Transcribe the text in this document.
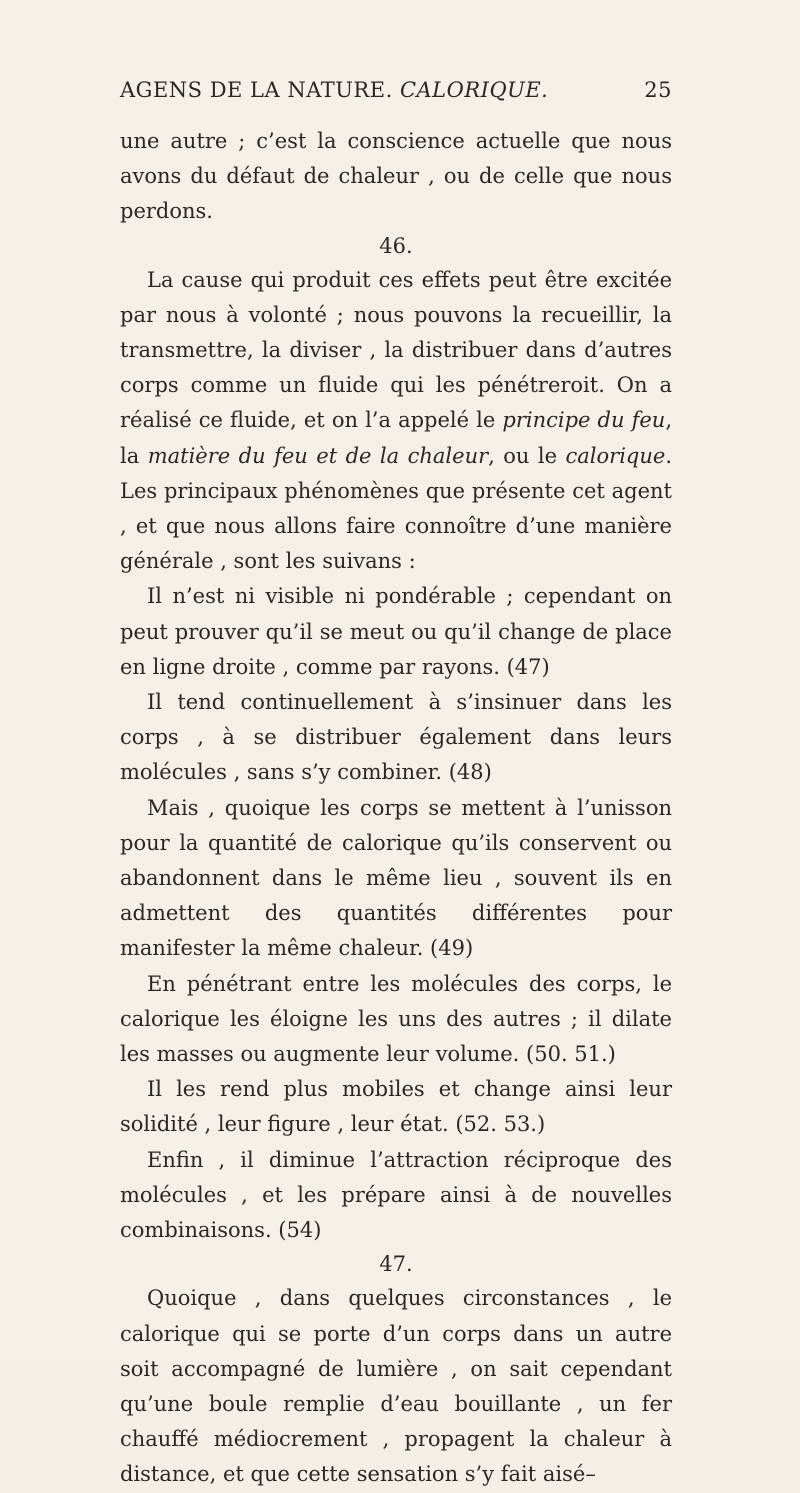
AGENS DE LA NATURE. CALORIQUE.	25

une autre ; c’est la conscience actuelle que nous avons du défaut de chaleur , ou de celle que nous perdons.

46.

La cause qui produit ces effets peut être excitée par nous à volonté ; nous pouvons la recueillir, la transmettre, la diviser , la distribuer dans d’autres corps comme un fluide qui les pénétreroit. On a réalisé ce fluide, et on l’a appelé le principe du feu, la matière du feu et de la chaleur, ou le calorique. Les principaux phénomènes que présente cet agent , et que nous allons faire connoître d’une manière générale , sont les suivans :

Il n’est ni visible ni pondérable ; cependant on peut prouver qu’il se meut ou qu’il change de place en ligne droite , comme par rayons. (47)

Il tend continuellement à s’insinuer dans les corps , à se distribuer également dans leurs molécules , sans s’y combiner. (48)

Mais , quoique les corps se mettent à l’unisson pour la quantité de calorique qu’ils conservent ou abandonnent dans le même lieu , souvent ils en admettent des quantités différentes pour manifester la même chaleur. (49)

En pénétrant entre les molécules des corps, le calorique les éloigne les uns des autres ; il dilate les masses ou augmente leur volume. (50. 51.)

Il les rend plus mobiles et change ainsi leur solidité , leur figure , leur état. (52. 53.)

Enfin , il diminue l’attraction réciproque des molécules , et les prépare ainsi à de nouvelles combinaisons. (54)

47.

Quoique , dans quelques circonstances , le calorique qui se porte d’un corps dans un autre soit accompagné de lumière , on sait cependant qu’une boule remplie d’eau bouillante , un fer chauffé médiocrement , propagent la chaleur à distance, et que cette sensation s’y fait aisé–
